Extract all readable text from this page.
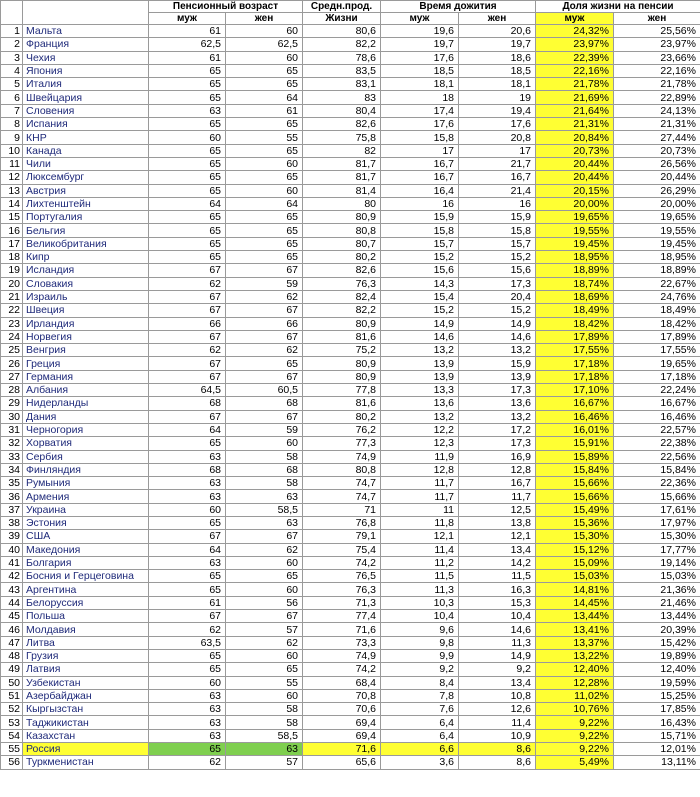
		Пенсионный возраст		Средн.прод.	Время дожития		Доля жизни на пенсии	
		муж	жен	Жизни	муж	жен	муж	жен
1	Мальта	61	60	80,6	19,6	20,6	24,32%	25,56%
2	Франция	62,5	62,5	82,2	19,7	19,7	23,97%	23,97%
3	Чехия	61	60	78,6	17,6	18,6	22,39%	23,66%
4	Япония	65	65	83,5	18,5	18,5	22,16%	22,16%
5	Италия	65	65	83,1	18,1	18,1	21,78%	21,78%
6	Швейцария	65	64	83	18	19	21,69%	22,89%
7	Словения	63	61	80,4	17,4	19,4	21,64%	24,13%
8	Испания	65	65	82,6	17,6	17,6	21,31%	21,31%
9	КНР	60	55	75,8	15,8	20,8	20,84%	27,44%
10	Канада	65	65	82	17	17	20,73%	20,73%
11	Чили	65	60	81,7	16,7	21,7	20,44%	26,56%
12	Люксембург	65	65	81,7	16,7	16,7	20,44%	20,44%
13	Австрия	65	60	81,4	16,4	21,4	20,15%	26,29%
14	Лихтенштейн	64	64	80	16	16	20,00%	20,00%
15	Португалия	65	65	80,9	15,9	15,9	19,65%	19,65%
16	Бельгия	65	65	80,8	15,8	15,8	19,55%	19,55%
17	Великобритания	65	65	80,7	15,7	15,7	19,45%	19,45%
18	Кипр	65	65	80,2	15,2	15,2	18,95%	18,95%
19	Исландия	67	67	82,6	15,6	15,6	18,89%	18,89%
20	Словакия	62	59	76,3	14,3	17,3	18,74%	22,67%
21	Израиль	67	62	82,4	15,4	20,4	18,69%	24,76%
22	Швеция	67	67	82,2	15,2	15,2	18,49%	18,49%
23	Ирландия	66	66	80,9	14,9	14,9	18,42%	18,42%
24	Норвегия	67	67	81,6	14,6	14,6	17,89%	17,89%
25	Венгрия	62	62	75,2	13,2	13,2	17,55%	17,55%
26	Греция	67	65	80,9	13,9	15,9	17,18%	19,65%
27	Германия	67	67	80,9	13,9	13,9	17,18%	17,18%
28	Албания	64,5	60,5	77,8	13,3	17,3	17,10%	22,24%
29	Нидерланды	68	68	81,6	13,6	13,6	16,67%	16,67%
30	Дания	67	67	80,2	13,2	13,2	16,46%	16,46%
31	Черногория	64	59	76,2	12,2	17,2	16,01%	22,57%
32	Хорватия	65	60	77,3	12,3	17,3	15,91%	22,38%
33	Сербия	63	58	74,9	11,9	16,9	15,89%	22,56%
34	Финляндия	68	68	80,8	12,8	12,8	15,84%	15,84%
35	Румыния	63	58	74,7	11,7	16,7	15,66%	22,36%
36	Армения	63	63	74,7	11,7	11,7	15,66%	15,66%
37	Украина	60	58,5	71	11	12,5	15,49%	17,61%
38	Эстония	65	63	76,8	11,8	13,8	15,36%	17,97%
39	США	67	67	79,1	12,1	12,1	15,30%	15,30%
40	Македония	64	62	75,4	11,4	13,4	15,12%	17,77%
41	Болгария	63	60	74,2	11,2	14,2	15,09%	19,14%
42	Босния и Герцеговина	65	65	76,5	11,5	11,5	15,03%	15,03%
43	Аргентина	65	60	76,3	11,3	16,3	14,81%	21,36%
44	Белоруссия	61	56	71,3	10,3	15,3	14,45%	21,46%
45	Польша	67	67	77,4	10,4	10,4	13,44%	13,44%
46	Молдавия	62	57	71,6	9,6	14,6	13,41%	20,39%
47	Литва	63,5	62	73,3	9,8	11,3	13,37%	15,42%
48	Грузия	65	60	74,9	9,9	14,9	13,22%	19,89%
49	Латвия	65	65	74,2	9,2	9,2	12,40%	12,40%
50	Узбекистан	60	55	68,4	8,4	13,4	12,28%	19,59%
51	Азербайджан	63	60	70,8	7,8	10,8	11,02%	15,25%
52	Кыргызстан	63	58	70,6	7,6	12,6	10,76%	17,85%
53	Таджикистан	63	58	69,4	6,4	11,4	9,22%	16,43%
54	Казахстан	63	58,5	69,4	6,4	10,9	9,22%	15,71%
55	Россия	65	63	71,6	6,6	8,6	9,22%	12,01%
56	Туркменистан	62	57	65,6	3,6	8,6	5,49%	13,11%
